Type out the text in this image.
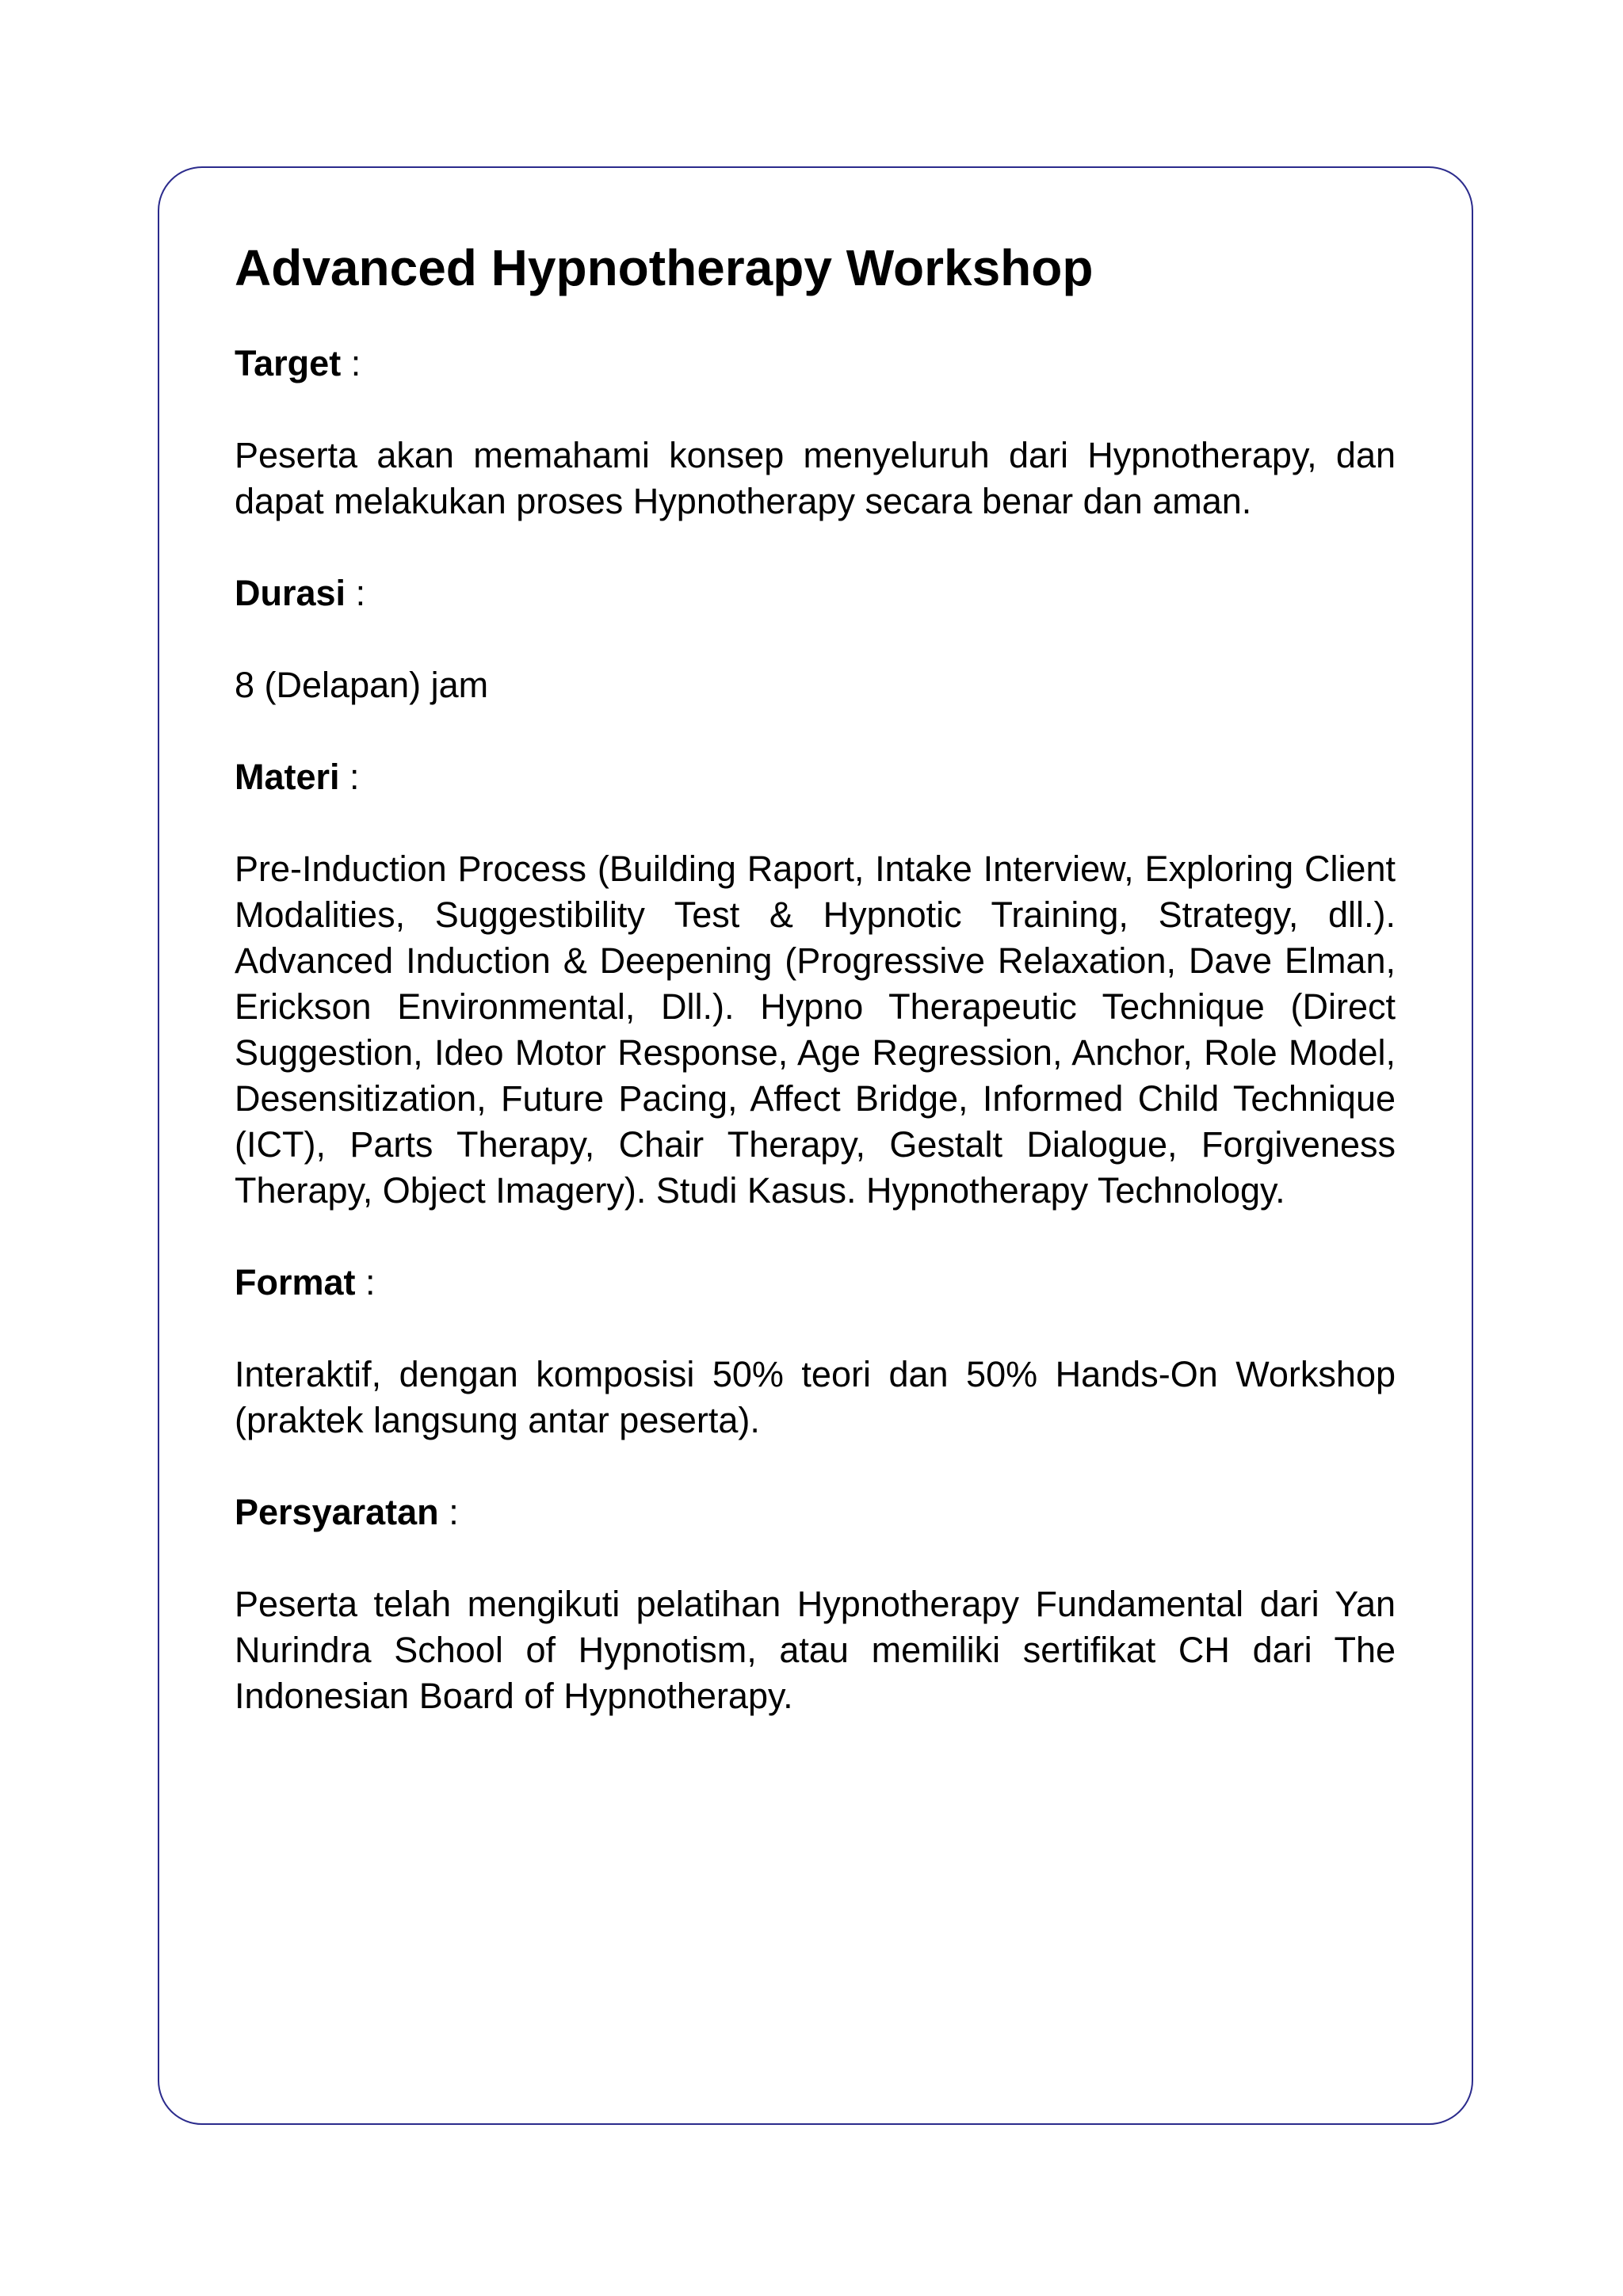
Advanced Hypnotherapy Workshop

Target :

Peserta akan memahami konsep menyeluruh dari Hypnotherapy, dan dapat melakukan proses Hypnotherapy secara benar dan aman.

Durasi :

8 (Delapan) jam

Materi :

Pre-Induction Process (Building Raport, Intake Interview, Exploring Client Modalities, Suggestibility Test & Hypnotic Training, Strategy, dll.). Advanced Induction & Deepening (Progressive Relaxation, Dave Elman, Erickson Environmental, Dll.). Hypno Therapeutic Technique (Direct Suggestion, Ideo Motor Response, Age Regression, Anchor, Role Model, Desensitization, Future Pacing, Affect Bridge, Informed Child Technique (ICT), Parts Therapy, Chair Therapy, Gestalt Dialogue, Forgiveness Therapy, Object Imagery). Studi Kasus. Hypnotherapy Technology.

Format :

Interaktif, dengan komposisi 50% teori dan 50% Hands-On Workshop (praktek langsung antar peserta).

Persyaratan :

Peserta telah mengikuti pelatihan Hypnotherapy Fundamental dari Yan Nurindra School of Hypnotism, atau memiliki sertifikat CH dari The Indonesian Board of Hypnotherapy.
